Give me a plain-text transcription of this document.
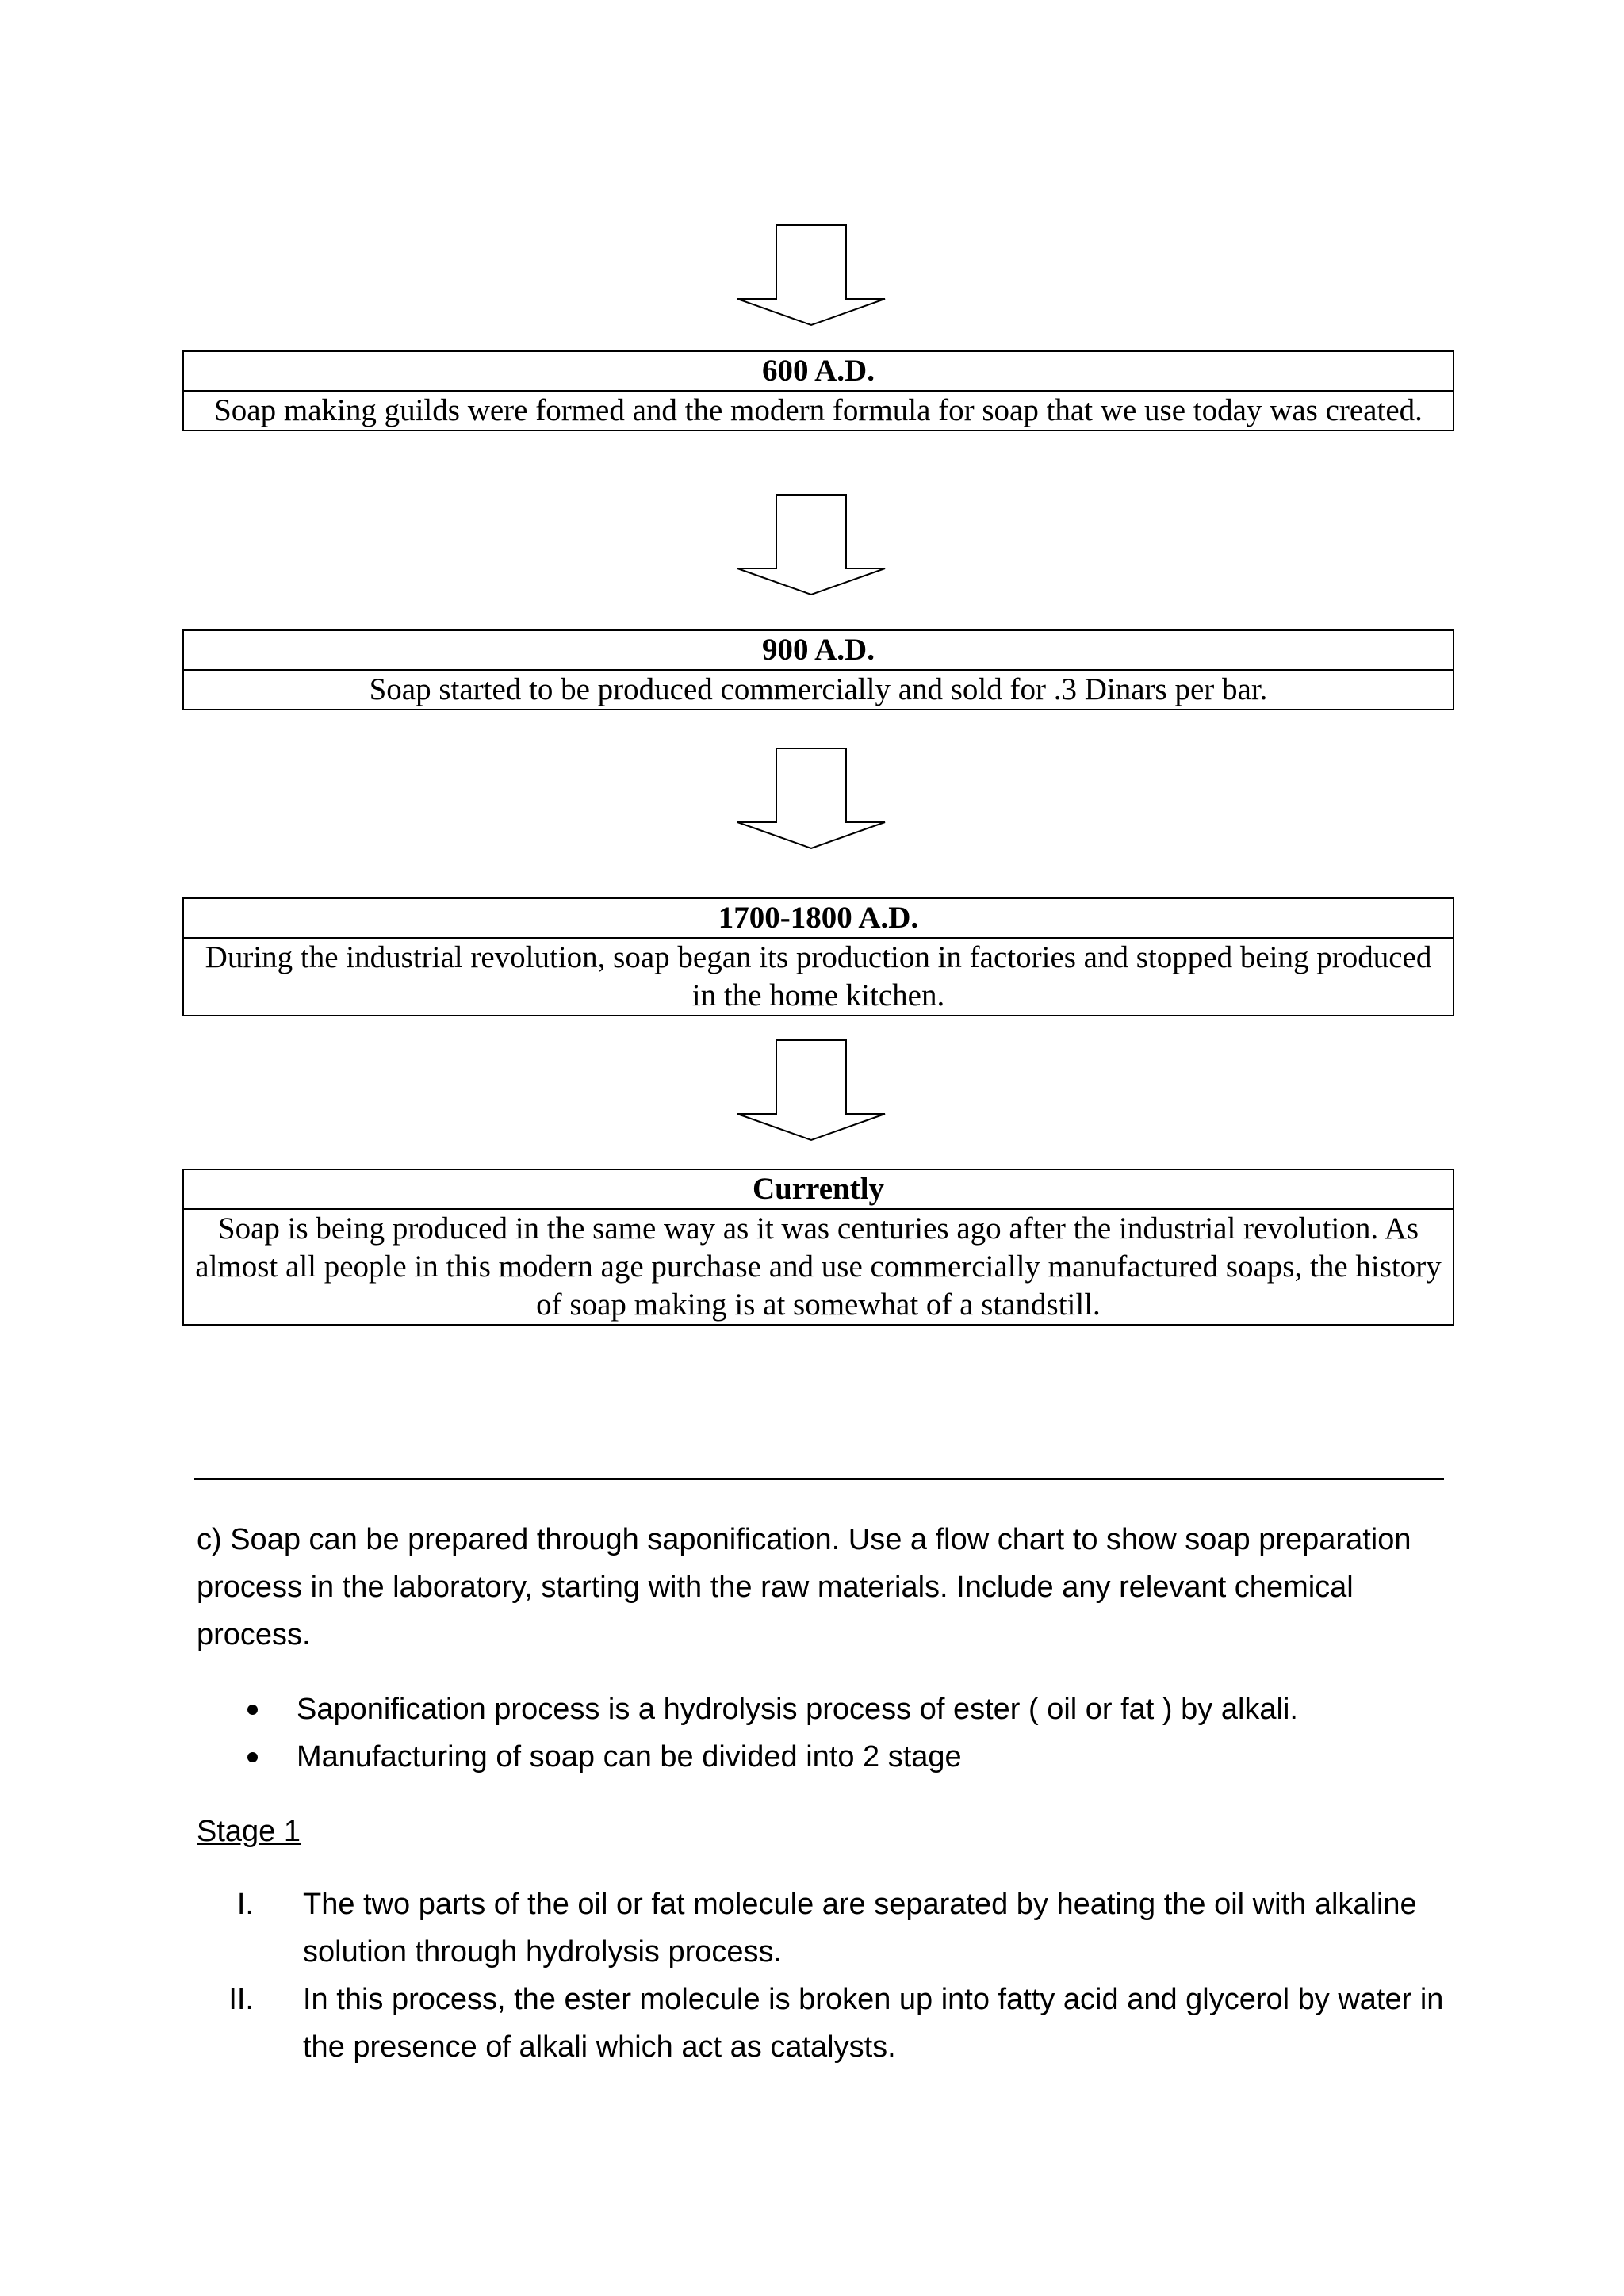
600 A.D.
Soap making guilds were formed and the modern formula for soap that we use today was created.
900 A.D.
Soap started to be produced commercially and sold for .3 Dinars per bar.
1700-1800 A.D.
During the industrial revolution, soap began its production in factories and stopped being produced in the home kitchen.
Currently
Soap is being produced in the same way as it was centuries ago after the industrial revolution. As almost all people in this modern age purchase and use commercially manufactured soaps, the history of soap making is at somewhat of a standstill.
c) Soap can be prepared through saponification. Use a flow chart to show soap preparation process in the laboratory, starting with the raw materials. Include any relevant chemical process.
Saponification process is a hydrolysis process of ester ( oil or fat ) by alkali.
Manufacturing of soap can be divided into 2 stage
Stage 1
I. The two parts of the oil or fat molecule are separated by heating the oil with alkaline solution through hydrolysis process.
II. In this process, the ester molecule is broken up into fatty acid and glycerol by water in the presence of alkali which act as catalysts.
